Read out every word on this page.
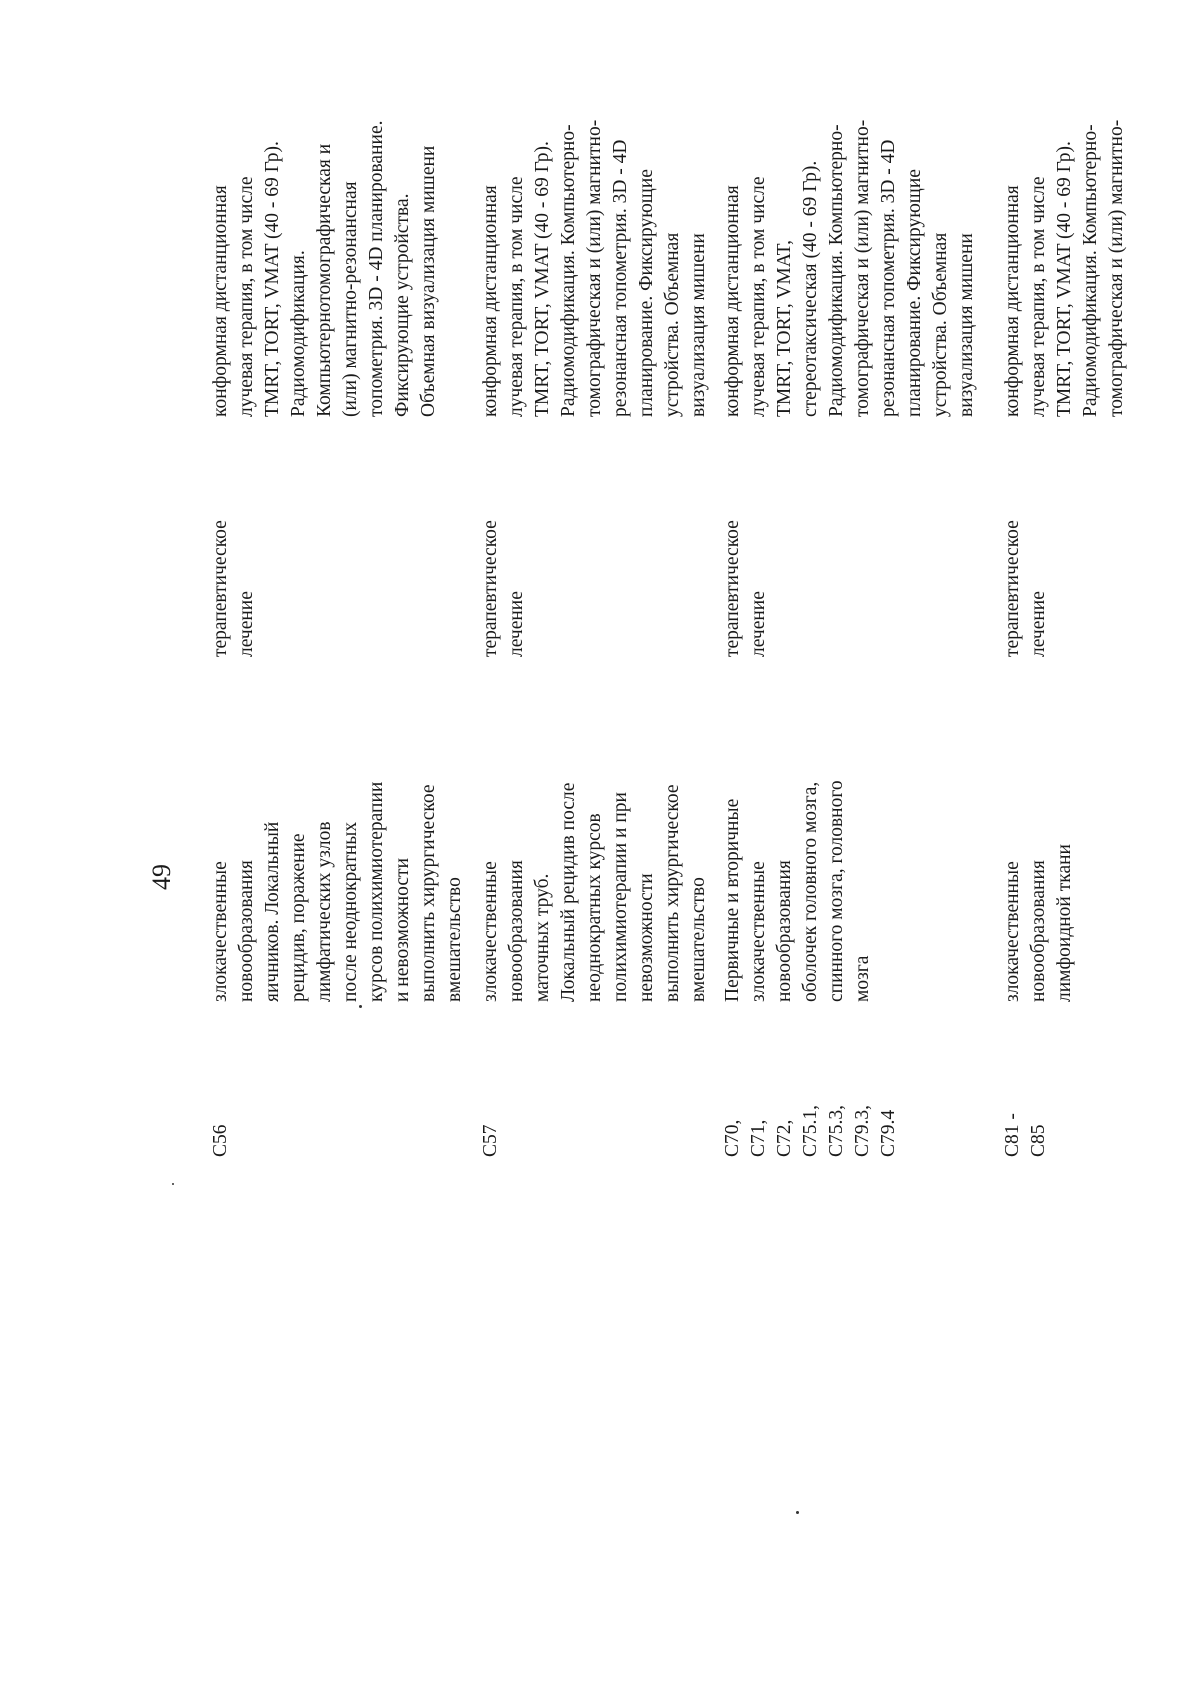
49
C56
злокачественные
новообразования
яичников. Локальный
рецидив, поражение
лимфатических узлов
после неоднократных
курсов полихимиотерапии
и невозможности
выполнить хирургическое
вмешательство
терапевтическое
лечение
конформная дистанционная
лучевая терапия, в том числе
TMRT, TORT, VMAT (40 - 69 Гр).
Радиомодификация.
Компьютернотомографическая и
(или) магнитно-резонансная
топометрия. 3D - 4D планирование.
Фиксирующие устройства.
Объемная визуализация мишени
C57
злокачественные
новообразования
маточных труб.
Локальный рецидив после
неоднократных курсов
полихимиотерапии и при
невозможности
выполнить хирургическое
вмешательство
терапевтическое
лечение
конформная дистанционная
лучевая терапия, в том числе
TMRT, TORT, VMAT (40 - 69 Гр).
Радиомодификация. Компьютерно-
томографическая и (или) магнитно-
резонансная топометрия. 3D - 4D
планирование. Фиксирующие
устройства. Объемная
визуализация мишени
C70,
C71,
C72,
C75.1,
C75.3,
C79.3,
C79.4
Первичные и вторичные
злокачественные
новообразования
оболочек головного мозга,
спинного мозга, головного
мозга
терапевтическое
лечение
конформная дистанционная
лучевая терапия, в том числе
TMRT, TORT, VMAT,
стереотаксическая (40 - 69 Гр).
Радиомодификация. Компьютерно-
томографическая и (или) магнитно-
резонансная топометрия. 3D - 4D
планирование. Фиксирующие
устройства. Объемная
визуализация мишени
C81 -
C85
злокачественные
новообразования
лимфоидной ткани
терапевтическое
лечение
конформная дистанционная
лучевая терапия, в том числе
TMRT, TORT, VMAT (40 - 69 Гр).
Радиомодификация. Компьютерно-
томографическая и (или) магнитно-
